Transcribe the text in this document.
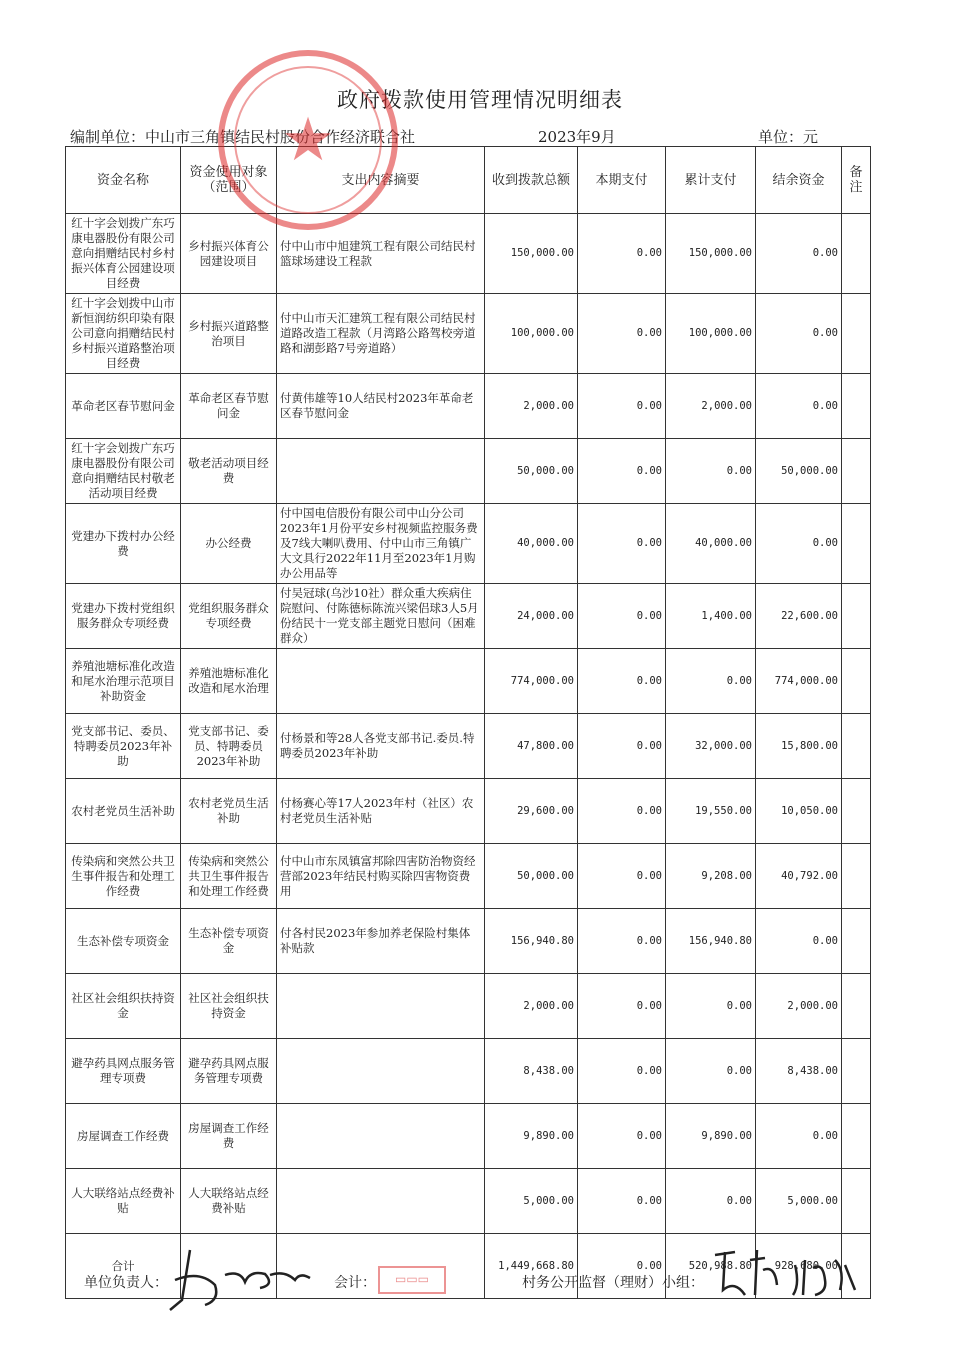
政府拨款使用管理情况明细表
编制单位：中山市三角镇结民村股份合作经济联合社	2023年9月	单位：元
资金名称	资金使用对象（范围）	支出内容摘要	收到拨款总额	本期支付	累计支付	结余资金	备注
红十字会划拨广东巧康电器股份有限公司意向捐赠结民村乡村振兴体育公园建设项目经费	乡村振兴体育公园建设项目	付中山市中旭建筑工程有限公司结民村篮球场建设工程款	150,000.00	0.00	150,000.00	0.00	
红十字会划拨中山市新恒润纺织印染有限公司意向捐赠结民村乡村振兴道路整治项目经费	乡村振兴道路整治项目	付中山市天汇建筑工程有限公司结民村道路改造工程款（月湾路公路驾校旁道路和湖彭路7号旁道路）	100,000.00	0.00	100,000.00	0.00	
革命老区春节慰问金	革命老区春节慰问金	付黄伟雄等10人结民村2023年革命老区春节慰问金	2,000.00	0.00	2,000.00	0.00	
红十字会划拨广东巧康电器股份有限公司意向捐赠结民村敬老活动项目经费	敬老活动项目经费		50,000.00	0.00	0.00	50,000.00	
党建办下拨村办公经费	办公经费	付中国电信股份有限公司中山分公司2023年1月份平安乡村视频监控服务费及7线大喇叭费用、付中山市三角镇广大文具行2022年11月至2023年1月购办公用品等	40,000.00	0.00	40,000.00	0.00	
党建办下拨村党组织服务群众专项经费	党组织服务群众专项经费	付吴冠球(乌沙10社）群众重大疾病住院慰问、付陈德标陈流兴梁侣球3人5月份结民十一党支部主题党日慰问（困难群众）	24,000.00	0.00	1,400.00	22,600.00	
养殖池塘标准化改造和尾水治理示范项目补助资金	养殖池塘标准化改造和尾水治理		774,000.00	0.00	0.00	774,000.00	
党支部书记、委员、特聘委员2023年补助	党支部书记、委员、特聘委员2023年补助	付杨景和等28人各党支部书记.委员.特聘委员2023年补助	47,800.00	0.00	32,000.00	15,800.00	
农村老党员生活补助	农村老党员生活补助	付杨赛心等17人2023年村（社区）农村老党员生活补贴	29,600.00	0.00	19,550.00	10,050.00	
传染病和突然公共卫生事件报告和处理工作经费	传染病和突然公共卫生事件报告和处理工作经费	付中山市东凤镇富邦除四害防治物资经营部2023年结民村购买除四害物资费用	50,000.00	0.00	9,208.00	40,792.00	
生态补偿专项资金	生态补偿专项资金	付各村民2023年参加养老保险村集体补贴款	156,940.80	0.00	156,940.80	0.00	
社区社会组织扶持资金	社区社会组织扶持资金		2,000.00	0.00	0.00	2,000.00	
避孕药具网点服务管理专项费	避孕药具网点服务管理专项费		8,438.00	0.00	0.00	8,438.00	
房屋调查工作经费	房屋调查工作经费		9,890.00	0.00	9,890.00	0.00	
人大联络站点经费补贴	人大联络站点经费补贴		5,000.00	0.00	0.00	5,000.00	
合计			1,449,668.80	0.00	520,988.80	928,680.00	
★
单位负责人：	会计：	村务公开监督（理财）小组：
▭▭▭
